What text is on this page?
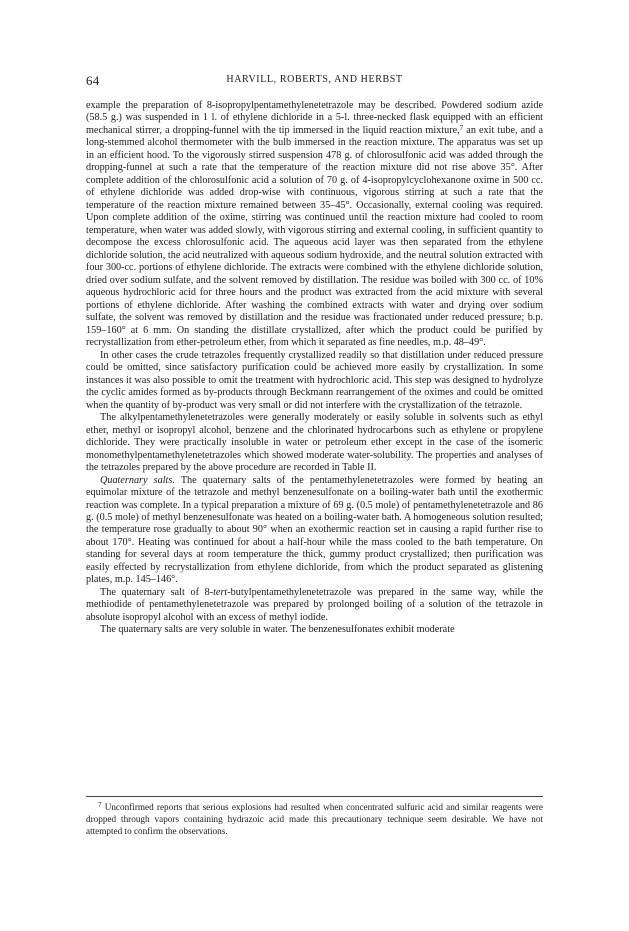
64	HARVILL, ROBERTS, AND HERBST

example the preparation of 8-isopropylpentamethylenetetrazole may be described. Powdered sodium azide (58.5 g.) was suspended in 1 l. of ethylene dichloride in a 5-l. three-necked flask equipped with an efficient mechanical stirrer, a dropping-funnel with the tip immersed in the liquid reaction mixture,$^7$ an exit tube, and a long-stemmed alcohol thermometer with the bulb immersed in the reaction mixture. The apparatus was set up in an efficient hood. To the vigorously stirred suspension 478 g. of chlorosulfonic acid was added through the dropping-funnel at such a rate that the temperature of the reaction mixture did not rise above 35°. After complete addition of the chlorosulfonic acid a solution of 70 g. of 4-isopropylcyclohexanone oxime in 500 cc. of ethylene dichloride was added drop-wise with continuous, vigorous stirring at such a rate that the temperature of the reaction mixture remained between 35–45°. Occasionally, external cooling was required. Upon complete addition of the oxime, stirring was continued until the reaction mixture had cooled to room temperature, when water was added slowly, with vigorous stirring and external cooling, in sufficient quantity to decompose the excess chlorosulfonic acid. The aqueous acid layer was then separated from the ethylene dichloride solution, the acid neutralized with aqueous sodium hydroxide, and the neutral solution extracted with four 300-cc. portions of ethylene dichloride. The extracts were combined with the ethylene dichloride solution, dried over sodium sulfate, and the solvent removed by distillation. The residue was boiled with 300 cc. of 10% aqueous hydrochloric acid for three hours and the product was extracted from the acid mixture with several portions of ethylene dichloride. After washing the combined extracts with water and drying over sodium sulfate, the solvent was removed by distillation and the residue was fractionated under reduced pressure; b.p. 159–160° at 6 mm. On standing the distillate crystallized, after which the product could be purified by recrystallization from ether-petroleum ether, from which it separated as fine needles, m.p. 48–49°.

In other cases the crude tetrazoles frequently crystallized readily so that distillation under reduced pressure could be omitted, since satisfactory purification could be achieved more easily by crystallization. In some instances it was also possible to omit the treatment with hydrochloric acid. This step was designed to hydrolyze the cyclic amides formed as by-products through Beckmann rearrangement of the oximes and could be omitted when the quantity of by-product was very small or did not interfere with the crystallization of the tetrazole.

The alkylpentamethylenetetrazoles were generally moderately or easily soluble in solvents such as ethyl ether, methyl or isopropyl alcohol, benzene and the chlorinated hydrocarbons such as ethylene or propylene dichloride. They were practically insoluble in water or petroleum ether except in the case of the isomeric monomethylpentamethylenetetrazoles which showed moderate water-solubility. The properties and analyses of the tetrazoles prepared by the above procedure are recorded in Table II.

Quaternary salts. The quaternary salts of the pentamethylenetetrazoles were formed by heating an equimolar mixture of the tetrazole and methyl benzenesulfonate on a boiling-water bath until the exothermic reaction was complete. In a typical preparation a mixture of 69 g. (0.5 mole) of pentamethylenetetrazole and 86 g. (0.5 mole) of methyl benzenesulfonate was heated on a boiling-water bath. A homogeneous solution resulted; the temperature rose gradually to about 90° when an exothermic reaction set in causing a rapid further rise to about 170°. Heating was continued for about a half-hour while the mass cooled to the bath temperature. On standing for several days at room temperature the thick, gummy product crystallized; then purification was easily effected by recrystallization from ethylene dichloride, from which the product separated as glistening plates, m.p. 145–146°.

The quaternary salt of 8-tert-butylpentamethylenetetrazole was prepared in the same way, while the methiodide of pentamethylenetetrazole was prepared by prolonged boiling of a solution of the tetrazole in absolute isopropyl alcohol with an excess of methyl iodide.

The quaternary salts are very soluble in water. The benzenesulfonates exhibit moderate

$^7$ Unconfirmed reports that serious explosions had resulted when concentrated sulfuric acid and similar reagents were dropped through vapors containing hydrazoic acid made this precautionary technique seem desirable. We have not attempted to confirm the observations.
